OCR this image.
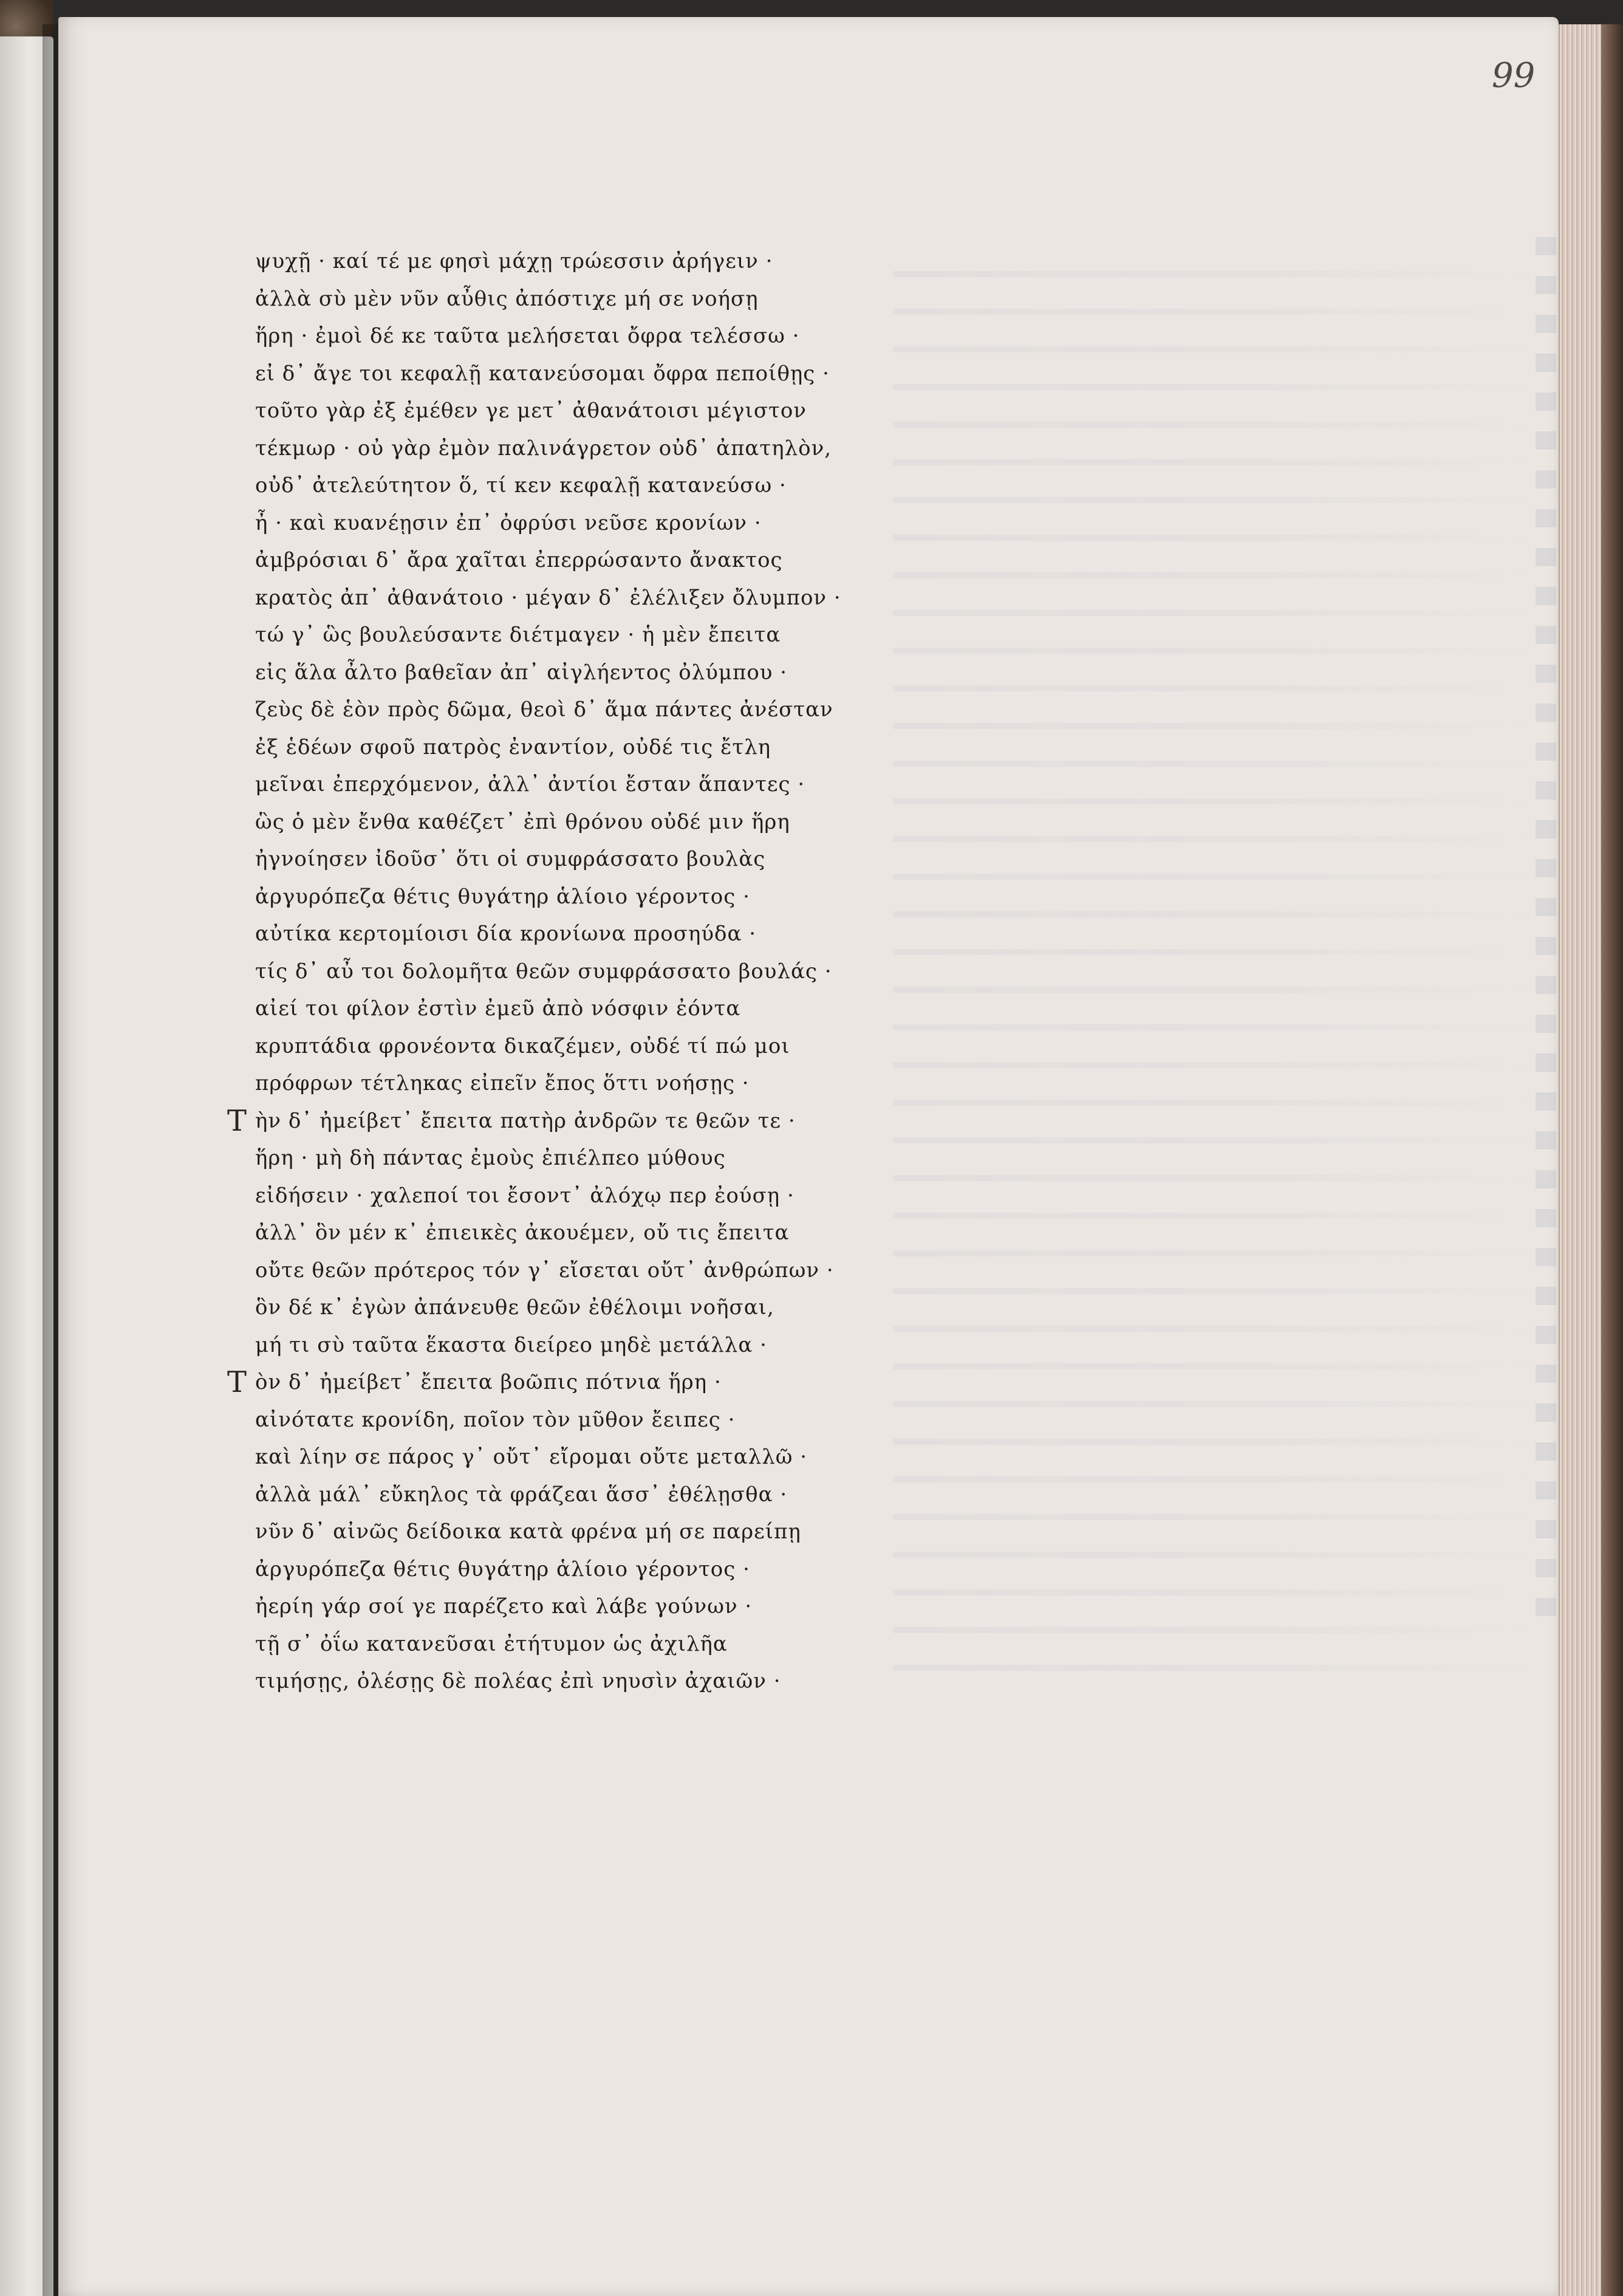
99
ψυχῇ · καί τέ με φησὶ μάχῃ τρώεσσιν ἀρήγειν ·
ἀλλὰ σὺ μὲν νῦν αὖθις ἀπόστιχε μή σε νοήσῃ
ἥρη · ἐμοὶ δέ κε ταῦτα μελήσεται ὄφρα τελέσσω ·
εἰ δ᾽ ἄγε τοι κεφαλῇ κατανεύσομαι ὄφρα πεποίθῃς ·
τοῦτο γὰρ ἐξ ἐμέθεν γε μετ᾽ ἀθανάτοισι μέγιστον
τέκμωρ · οὐ γὰρ ἐμὸν παλινάγρετον οὐδ᾽ ἀπατηλὸν,
οὐδ᾽ ἀτελεύτητον ὅ, τί κεν κεφαλῇ κατανεύσω ·
ἦ · καὶ κυανέῃσιν ἐπ᾽ ὀφρύσι νεῦσε κρονίων ·
ἀμβρόσιαι δ᾽ ἄρα χαῖται ἐπερρώσαντο ἄνακτος
κρατὸς ἀπ᾽ ἀθανάτοιο · μέγαν δ᾽ ἐλέλιξεν ὄλυμπον ·
τώ γ᾽ ὣς βουλεύσαντε διέτμαγεν · ἡ μὲν ἔπειτα
εἰς ἅλα ἆλτο βαθεῖαν ἀπ᾽ αἰγλήεντος ὀλύμπου ·
ζεὺς δὲ ἑὸν πρὸς δῶμα, θεοὶ δ᾽ ἅμα πάντες ἀνέσταν
ἐξ ἑδέων σφοῦ πατρὸς ἐναντίον, οὐδέ τις ἔτλη
μεῖναι ἐπερχόμενον, ἀλλ᾽ ἀντίοι ἔσταν ἅπαντες ·
ὣς ὁ μὲν ἔνθα καθέζετ᾽ ἐπὶ θρόνου οὐδέ μιν ἥρη
ἠγνοίησεν ἰδοῦσ᾽ ὅτι οἱ συμφράσσατο βουλὰς
ἀργυρόπεζα θέτις θυγάτηρ ἁλίοιο γέροντος ·
αὐτίκα κερτομίοισι δία κρονίωνα προσηύδα ·
τίς δ᾽ αὖ τοι δολομῆτα θεῶν συμφράσσατο βουλάς ·
αἰεί τοι φίλον ἐστὶν ἐμεῦ ἀπὸ νόσφιν ἐόντα
κρυπτάδια φρονέοντα δικαζέμεν, οὐδέ τί πώ μοι
πρόφρων τέτληκας εἰπεῖν ἔπος ὅττι νοήσῃς ·
Τ ὴν δ᾽ ἠμείβετ᾽ ἔπειτα πατὴρ ἀνδρῶν τε θεῶν τε ·
ἥρη · μὴ δὴ πάντας ἐμοὺς ἐπιέλπεο μύθους
εἰδήσειν · χαλεποί τοι ἔσοντ᾽ ἀλόχῳ περ ἐούσῃ ·
ἀλλ᾽ ὃν μέν κ᾽ ἐπιεικὲς ἀκουέμεν, οὔ τις ἔπειτα
οὔτε θεῶν πρότερος τόν γ᾽ εἴσεται οὔτ᾽ ἀνθρώπων ·
ὃν δέ κ᾽ ἐγὼν ἀπάνευθε θεῶν ἐθέλοιμι νοῆσαι,
μή τι σὺ ταῦτα ἕκαστα διείρεο μηδὲ μετάλλα ·
Τ ὸν δ᾽ ἠμείβετ᾽ ἔπειτα βοῶπις πότνια ἥρη ·
αἰνότατε κρονίδη, ποῖον τὸν μῦθον ἔειπες ·
καὶ λίην σε πάρος γ᾽ οὔτ᾽ εἴρομαι οὔτε μεταλλῶ ·
ἀλλὰ μάλ᾽ εὔκηλος τὰ φράζεαι ἅσσ᾽ ἐθέλῃσθα ·
νῦν δ᾽ αἰνῶς δείδοικα κατὰ φρένα μή σε παρείπῃ
ἀργυρόπεζα θέτις θυγάτηρ ἁλίοιο γέροντος ·
ἠερίη γάρ σοί γε παρέζετο καὶ λάβε γούνων ·
τῇ σ᾽ ὀΐω κατανεῦσαι ἐτήτυμον ὡς ἀχιλῆα
τιμήσῃς, ὀλέσῃς δὲ πολέας ἐπὶ νηυσὶν ἀχαιῶν ·
